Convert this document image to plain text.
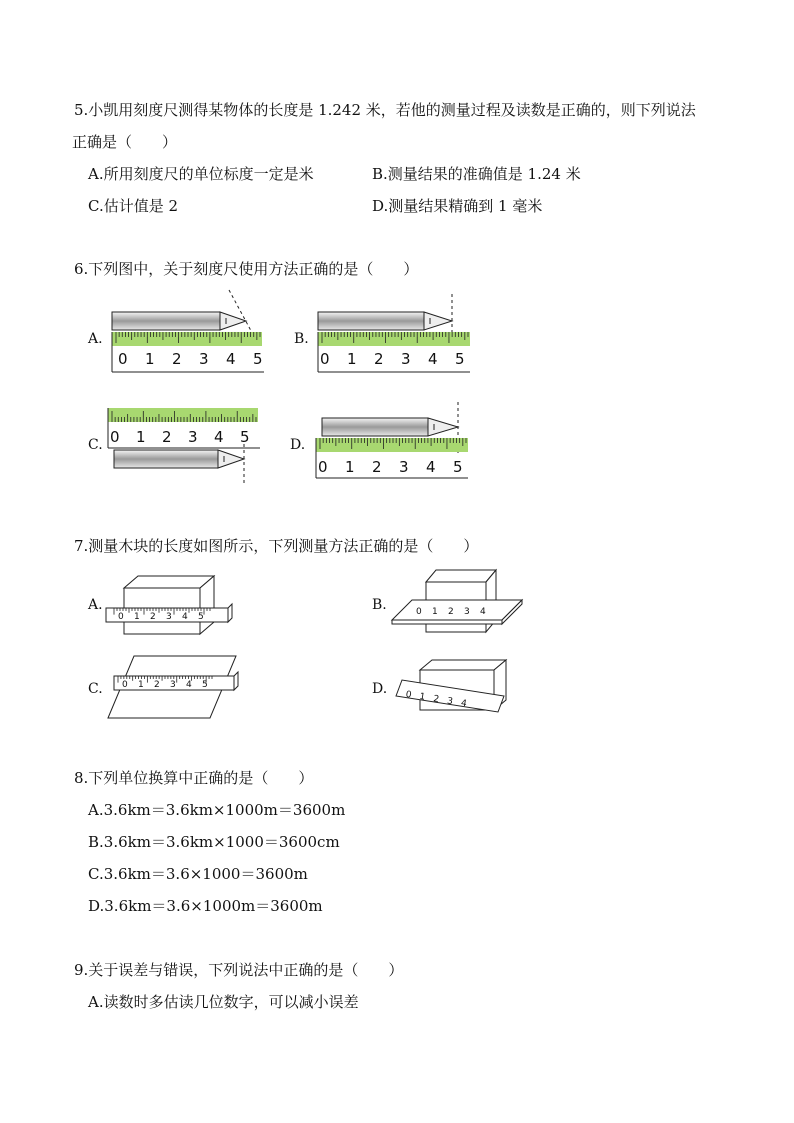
5.小凯用刻度尺测得某物体的长度是 1.242 米，若他的测量过程及读数是正确的，则下列说法
正确是（　　）
A.所用刻度尺的单位标度一定是米	B.测量结果的准确值是 1.24 米
C.估计值是 2	D.测量结果精确到 1 毫米
6.下列图中，关于刻度尺使用方法正确的是（　　）
A.	B.
C.	D.
0 1 2 3 4 5	0 1 2 3 4 5
0 1 2 3 4 5
0 1 2 3 4 5
7.测量木块的长度如图所示，下列测量方法正确的是（　　）
A.	B.
C.	D.
0 1 2 3 4 5	0 1 2 3 4
0 1 2 3 4 5
0 1 2 3 4
8.下列单位换算中正确的是（　　）
A.3.6km＝3.6km×1000m＝3600m
B.3.6km＝3.6km×1000＝3600cm
C.3.6km＝3.6×1000＝3600m
D.3.6km＝3.6×1000m＝3600m
9.关于误差与错误，下列说法中正确的是（　　）
A.读数时多估读几位数字，可以减小误差
